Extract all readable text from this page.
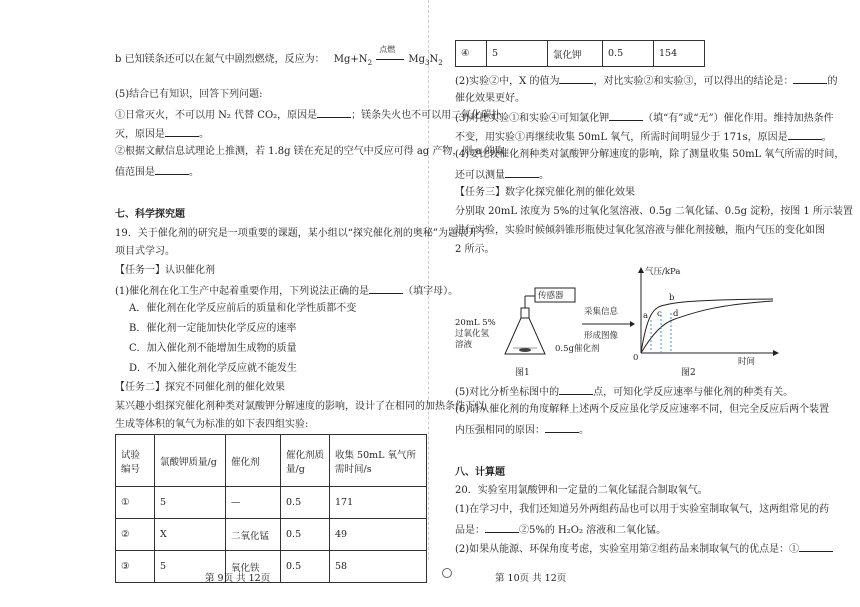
b 已知镁条还可以在氮气中剧烈燃烧，反应为： $Mg+N_2$
点燃
$Mg_3N_2$

(5)结合已有知识，回答下列问题:

①日常灭火，不可以用 N₂ 代替 CO₂，原因是	；镁条失火也不可以用二氧化碳扑

灭，原因是	。

②根据文献信息试理论上推测，若 1.8g 镁在充足的空气中反应可得 ag 产物，则 a 的取

值范围是	。

七、科学探究题

19．关于催化剂的研究是一项重要的课题，某小组以“探究催化剂的奥秘”为题展开了

项目式学习。

【任务一】认识催化剂

(1)催化剂在化工生产中起着重要作用，下列说法正确的是	（填字母）。

A．催化剂在化学反应前后的质量和化学性质都不变

B．催化剂一定能加快化学反应的速率

C．加入催化剂不能增加生成物的质量

D．不加入催化剂化学反应就不能发生

【任务二】探究不同催化剂的催化效果

某兴趣小组探究催化剂种类对氯酸钾分解速度的影响，设计了在相同的加热条件下以

生成等体积的氧气为标准的如下表四组实验:

试验编号	氯酸钾质量/g	催化剂	催化剂质量/g	收集 50mL 氧气所需时间/s
①	5	—	0.5	171
②	X	二氧化锰	0.5	49
③	5	氧化铁	0.5	58
第 9页 共 12页
④	5	氯化钾	0.5	154

(2)实验②中，X 的值为	，对比实验②和实验③，可以得出的结论是：	的

催化效果更好。

(3)对比实验①和实验④可知氯化钾	（填“有”或“无”）催化作用。维持加热条件

不变，用实验①再继续收集 50mL 氧气，所需时间明显少于 171s，原因是	。

(4)要比较催化剂种类对氯酸钾分解速度的影响，除了测量收集 50mL 氧气所需的时间，

还可以测量	。

【任务三】数字化探究催化剂的催化效果

分别取 20mL 浓度为 5%的过氧化氢溶液、0.5g 二氧化锰、0.5g 淀粉，按图 1 所示装置

进行实验，实验时候倾斜锥形瓶使过氧化氢溶液与催化剂接触，瓶内气压的变化如图

2 所示。

传感器
20mL 5% 过氧化氢 溶液	0.5g催化剂
图1
采集信息
形成图像
气压/kPa
时间
0
a
b
c d
图2

(5)对比分析坐标图中的	点，可知化学反应速率与催化剂的种类有关。

(6)请从催化剂的角度解释上述两个反应虽化学反应速率不同，但完全反应后两个装置

内压强相同的原因：	。

八、计算题

20．实验室用氯酸钾和一定量的二氧化锰混合制取氧气。

(1)在学习中，我们还知道另外两组药品也可以用于实验室制取氧气，这两组常见的药

品是：	②5%的 H₂O₂ 溶液和二氧化锰。

(2)如果从能源、环保角度考虑，实验室用第②组药品来制取氧气的优点是：①

第 10页 共 12页
